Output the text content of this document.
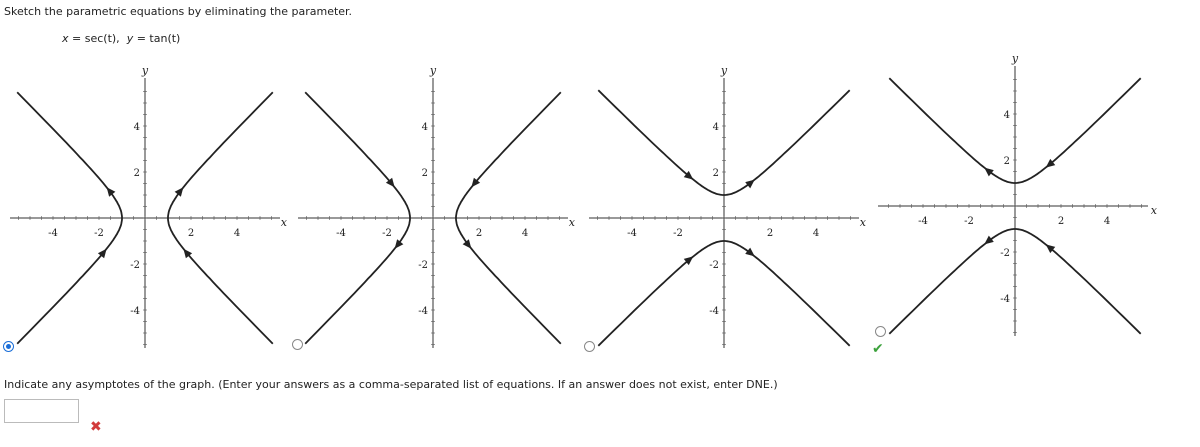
Sketch the parametric equations by eliminating the parameter.
x = sec(t), y = tan(t)
-4	-2	2	4
4
2
-2
-4
x
y
-4	-2	2	4
4
2
-2
-4
x
y
-4	-2	2	4
4
2
-2
-4
x
y
-4	-2	2	4
4
2
-2
-4
x
y
✔
Indicate any asymptotes of the graph. (Enter your answers as a comma-separated list of equations. If an answer does not exist, enter DNE.)
✖
